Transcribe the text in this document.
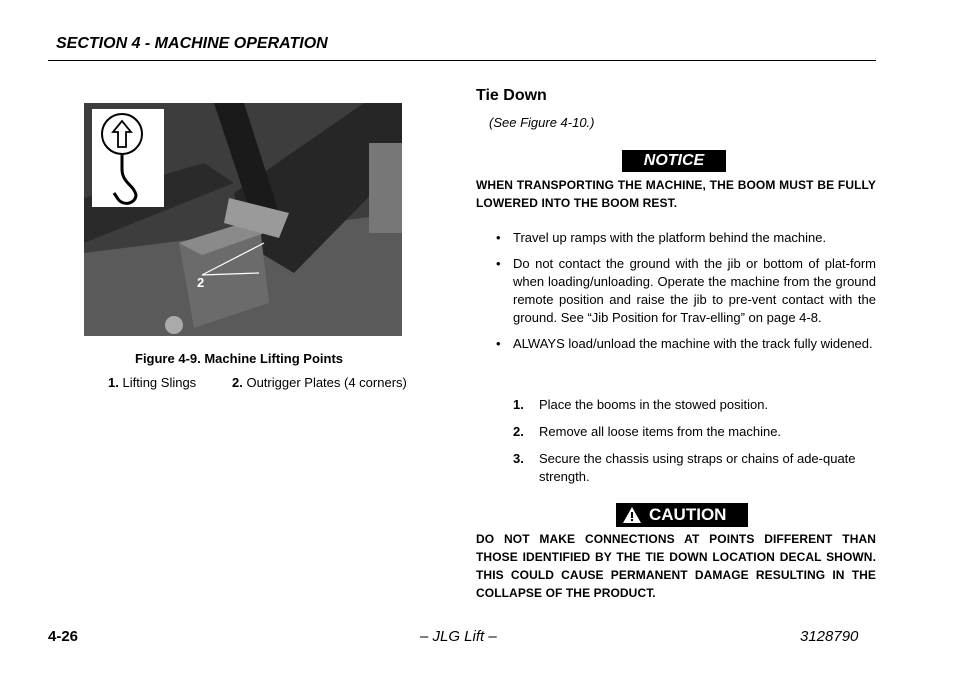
SECTION 4 - MACHINE OPERATION
2
Figure 4-9. Machine Lifting Points
1. Lifting Slings	2. Outrigger Plates (4 corners)
Tie Down
(See Figure 4-10.)
NOTICE
WHEN TRANSPORTING THE MACHINE, THE BOOM MUST BE FULLY LOWERED INTO THE BOOM REST.
• Travel up ramps with the platform behind the machine.
• Do not contact the ground with the jib or bottom of plat-form when loading/unloading. Operate the machine from the ground remote position and raise the jib to pre-vent contact with the ground. See “Jib Position for Trav-elling” on page 4-8.
• ALWAYS load/unload the machine with the track fully widened.
1. Place the booms in the stowed position.
2. Remove all loose items from the machine.
3. Secure the chassis using straps or chains of ade-quate strength.
CAUTION
DO NOT MAKE CONNECTIONS AT POINTS DIFFERENT THAN THOSE IDENTIFIED BY THE TIE DOWN LOCATION DECAL SHOWN. THIS COULD CAUSE PERMANENT DAMAGE RESULTING IN THE COLLAPSE OF THE PRODUCT.
4-26	– JLG Lift –	3128790
